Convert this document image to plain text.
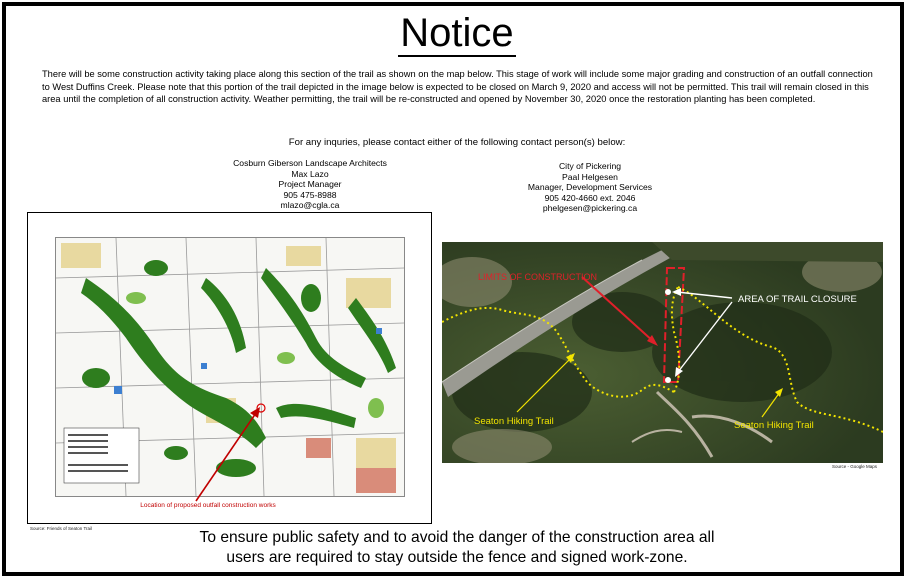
Notice
There will be some construction activity taking place along this section of the trail as shown on the map below. This stage of work will include some major grading and construction of an outfall connection to West Duffins Creek. Please note that this portion of the trail depicted in the image below is expected to be closed on March 9, 2020 and access will not be permitted. This trail will remain closed in this area until the completion of all construction activity. Weather permitting, the trail will be re-constructed and opened by November 30, 2020 once the restoration planting has been completed.
For any inquries, please contact either of the following contact person(s) below:
Cosburn Giberson Landscape Architects
Max Lazo
Project Manager
905 475-8988
mlazo@cgla.ca
City of Pickering
Paal Helgesen
Manager, Development Services
905 420-4660 ext. 2046
phelgesen@pickering.ca
Location of proposed outfall construction works
Source: Friends of Seaton Trail
LIMITS OF CONSTRUCTION
AREA OF TRAIL CLOSURE
Seaton Hiking Trail	Seaton Hiking Trail
Source - Google Maps
To ensure public safety and to avoid the danger of the construction area all
users are required to stay outside the fence and signed work-zone.
